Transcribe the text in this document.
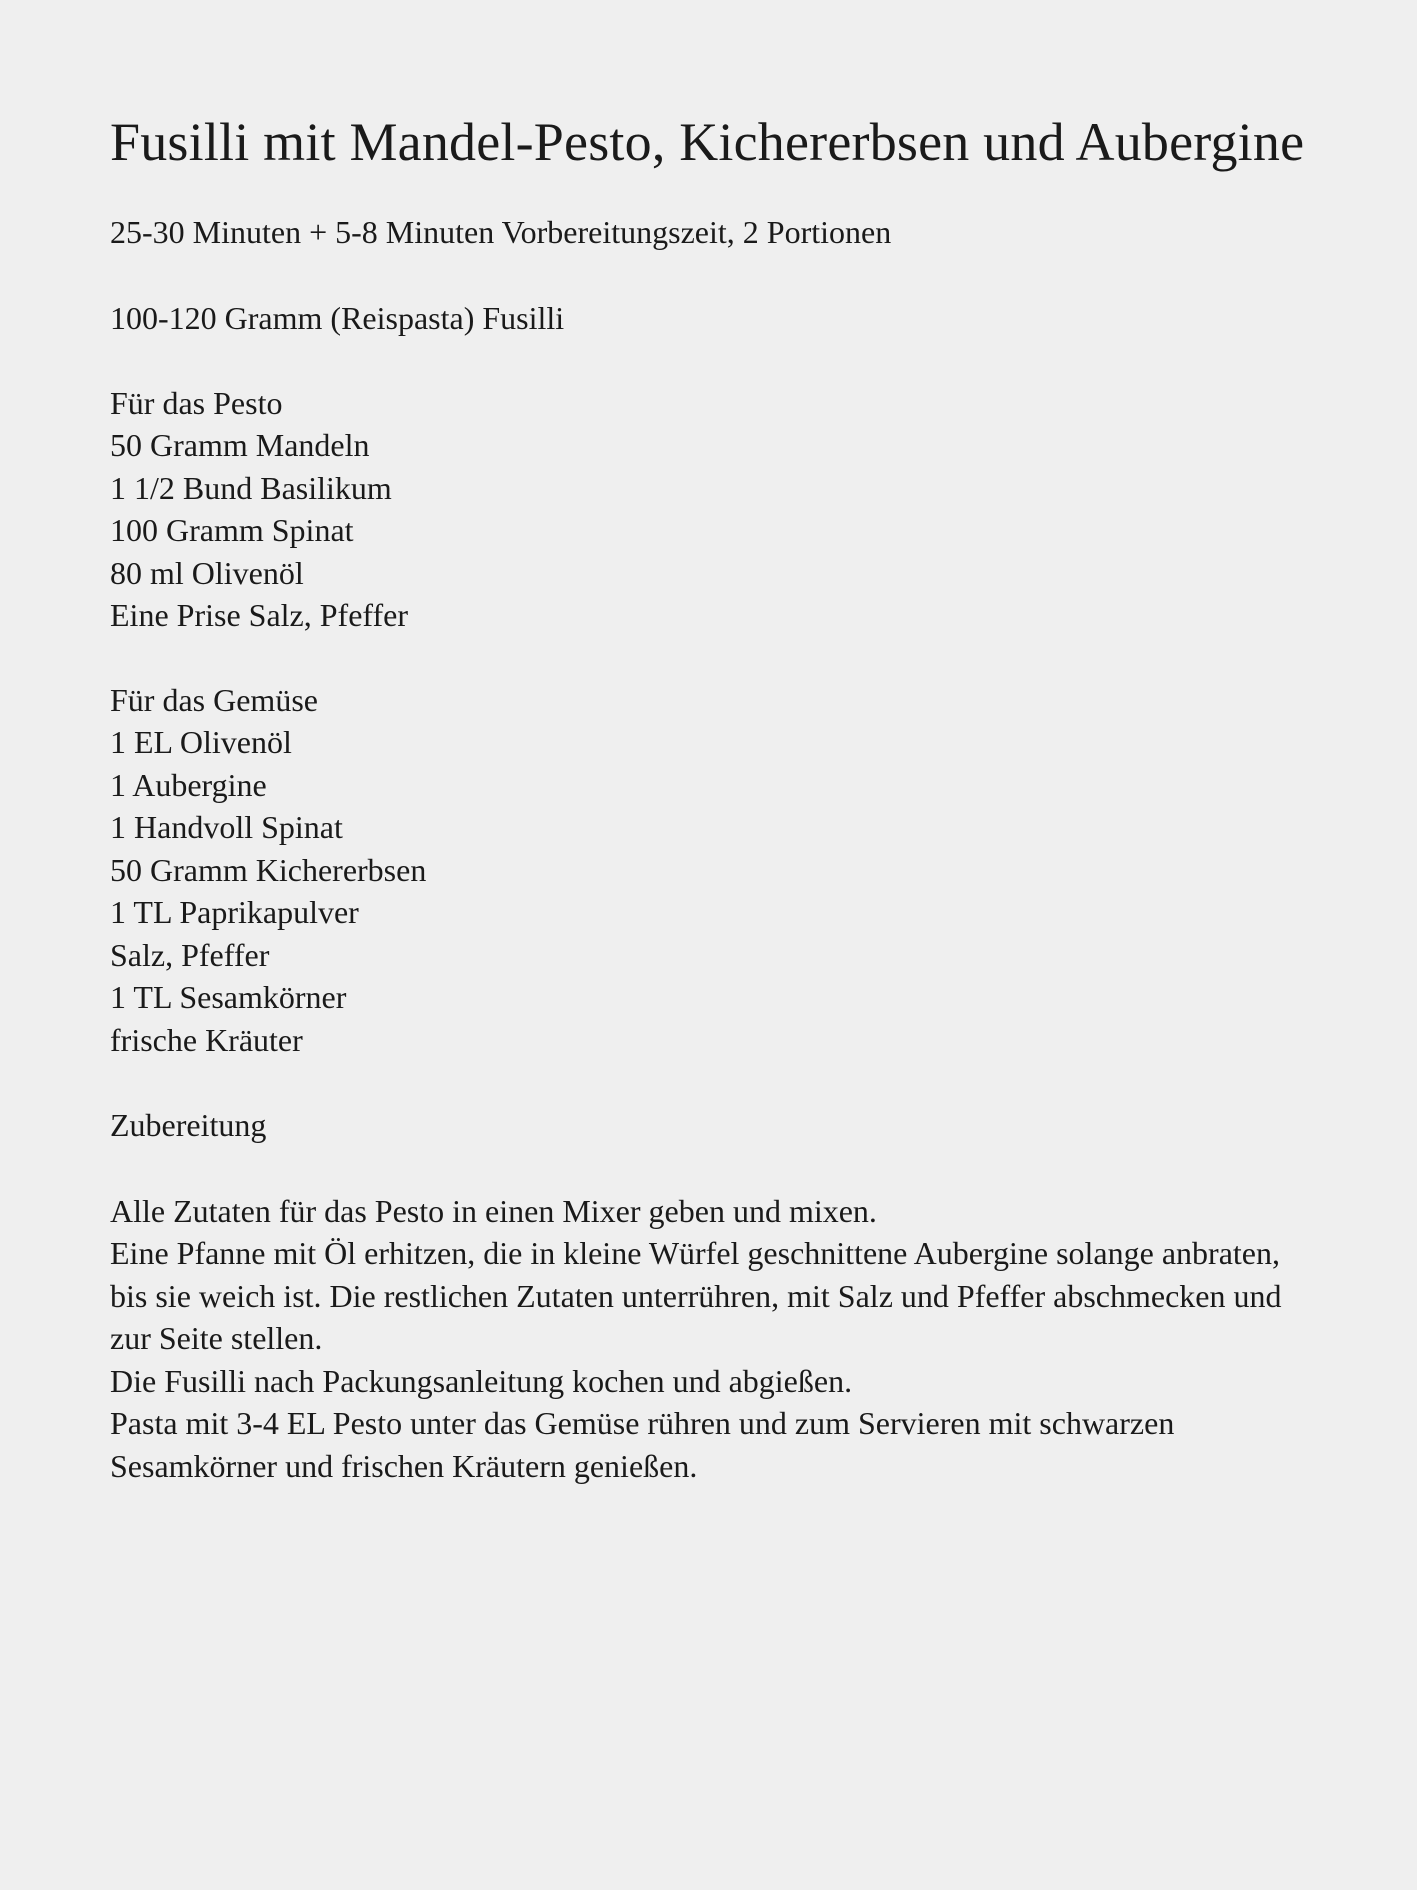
Fusilli mit Mandel-Pesto, Kichererbsen und Aubergine
25-30 Minuten + 5-8 Minuten Vorbereitungszeit, 2 Portionen
100-120 Gramm (Reispasta) Fusilli
Für das Pesto
50 Gramm Mandeln
1 1/2 Bund Basilikum
100 Gramm Spinat
80 ml Olivenöl
Eine Prise Salz, Pfeffer
Für das Gemüse
1 EL Olivenöl
1 Aubergine
1 Handvoll Spinat
50 Gramm Kichererbsen
1 TL Paprikapulver
Salz, Pfeffer
1 TL Sesamkörner
frische Kräuter
Zubereitung

Alle Zutaten für das Pesto in einen Mixer geben und mixen.

Eine Pfanne mit Öl erhitzen, die in kleine Würfel geschnittene Aubergine solange anbraten, bis sie weich ist. Die restlichen Zutaten unterrühren, mit Salz und Pfeffer abschmecken und zur Seite stellen.

Die Fusilli nach Packungsanleitung kochen und abgießen.

Pasta mit 3-4 EL Pesto unter das Gemüse rühren und zum Servieren mit schwarzen Sesamkörner und frischen Kräutern genießen.
